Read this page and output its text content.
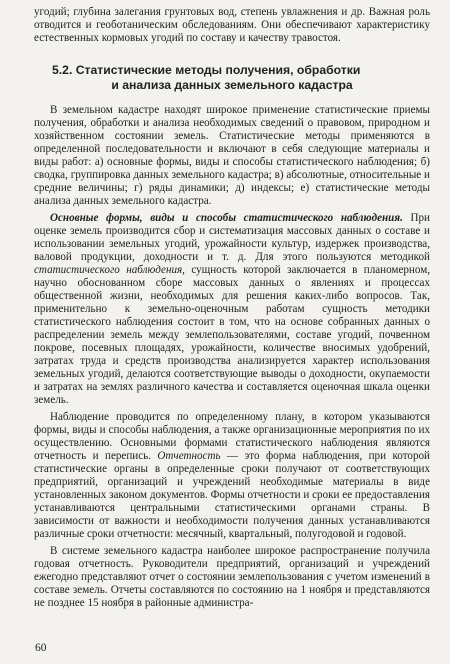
угодий; глубина залегания грунтовых вод, степень увлажнения и др. Важная роль отводится и геоботаническим обследованиям. Они обеспечивают характеристику естественных кормовых угодий по составу и качеству травостоя.

5.2. Статистические методы получения, обработки
и анализа данных земельного кадастра

В земельном кадастре находят широкое применение статистические приемы получения, обработки и анализа необходимых сведений о правовом, природном и хозяйственном состоянии земель. Статистические методы применяются в определенной последовательности и включают в себя следующие материалы и виды работ: а) основные формы, виды и способы статистического наблюдения; б) сводка, группировка данных земельного кадастра; в) абсолютные, относительные и средние величины; г) ряды динамики; д) индексы; е) статистические методы анализа данных земельного кадастра.

Основные формы, виды и способы статистического наблюдения. При оценке земель производится сбор и систематизация массовых данных о составе и использовании земельных угодий, урожайности культур, издержек производства, валовой продукции, доходности и т. д. Для этого пользуются методикой статистического наблюдения, сущность которой заключается в планомерном, научно обоснованном сборе массовых данных о явлениях и процессах общественной жизни, необходимых для решения каких-либо вопросов. Так, применительно к земельно-оценочным работам сущность методики статистического наблюдения состоит в том, что на основе собранных данных о распределении земель между землепользователями, составе угодий, почвенном покрове, посевных площадях, урожайности, количестве вносимых удобрений, затратах труда и средств производства анализируется характер использования земельных угодий, делаются соответствующие выводы о доходности, окупаемости и затратах на землях различного качества и составляется оценочная шкала оценки земель.

Наблюдение проводится по определенному плану, в котором указываются формы, виды и способы наблюдения, а также организационные мероприятия по их осуществлению. Основными формами статистического наблюдения являются отчетность и перепись. Отчетность — это форма наблюдения, при которой статистические органы в определенные сроки получают от соответствующих предприятий, организаций и учреждений необходимые материалы в виде установленных законом документов. Формы отчетности и сроки ее предоставления устанавливаются центральными статистическими органами страны. В зависимости от важности и необходимости получения данных устанавливаются различные сроки отчетности: месячный, квартальный, полугодовой и годовой.

В системе земельного кадастра наиболее широкое распространение получила годовая отчетность. Руководители предприятий, организаций и учреждений ежегодно представляют отчет о состоянии землепользования с учетом изменений в составе земель. Отчеты составляются по состоянию на 1 ноября и представляются не позднее 15 ноября в районные администра-

60
